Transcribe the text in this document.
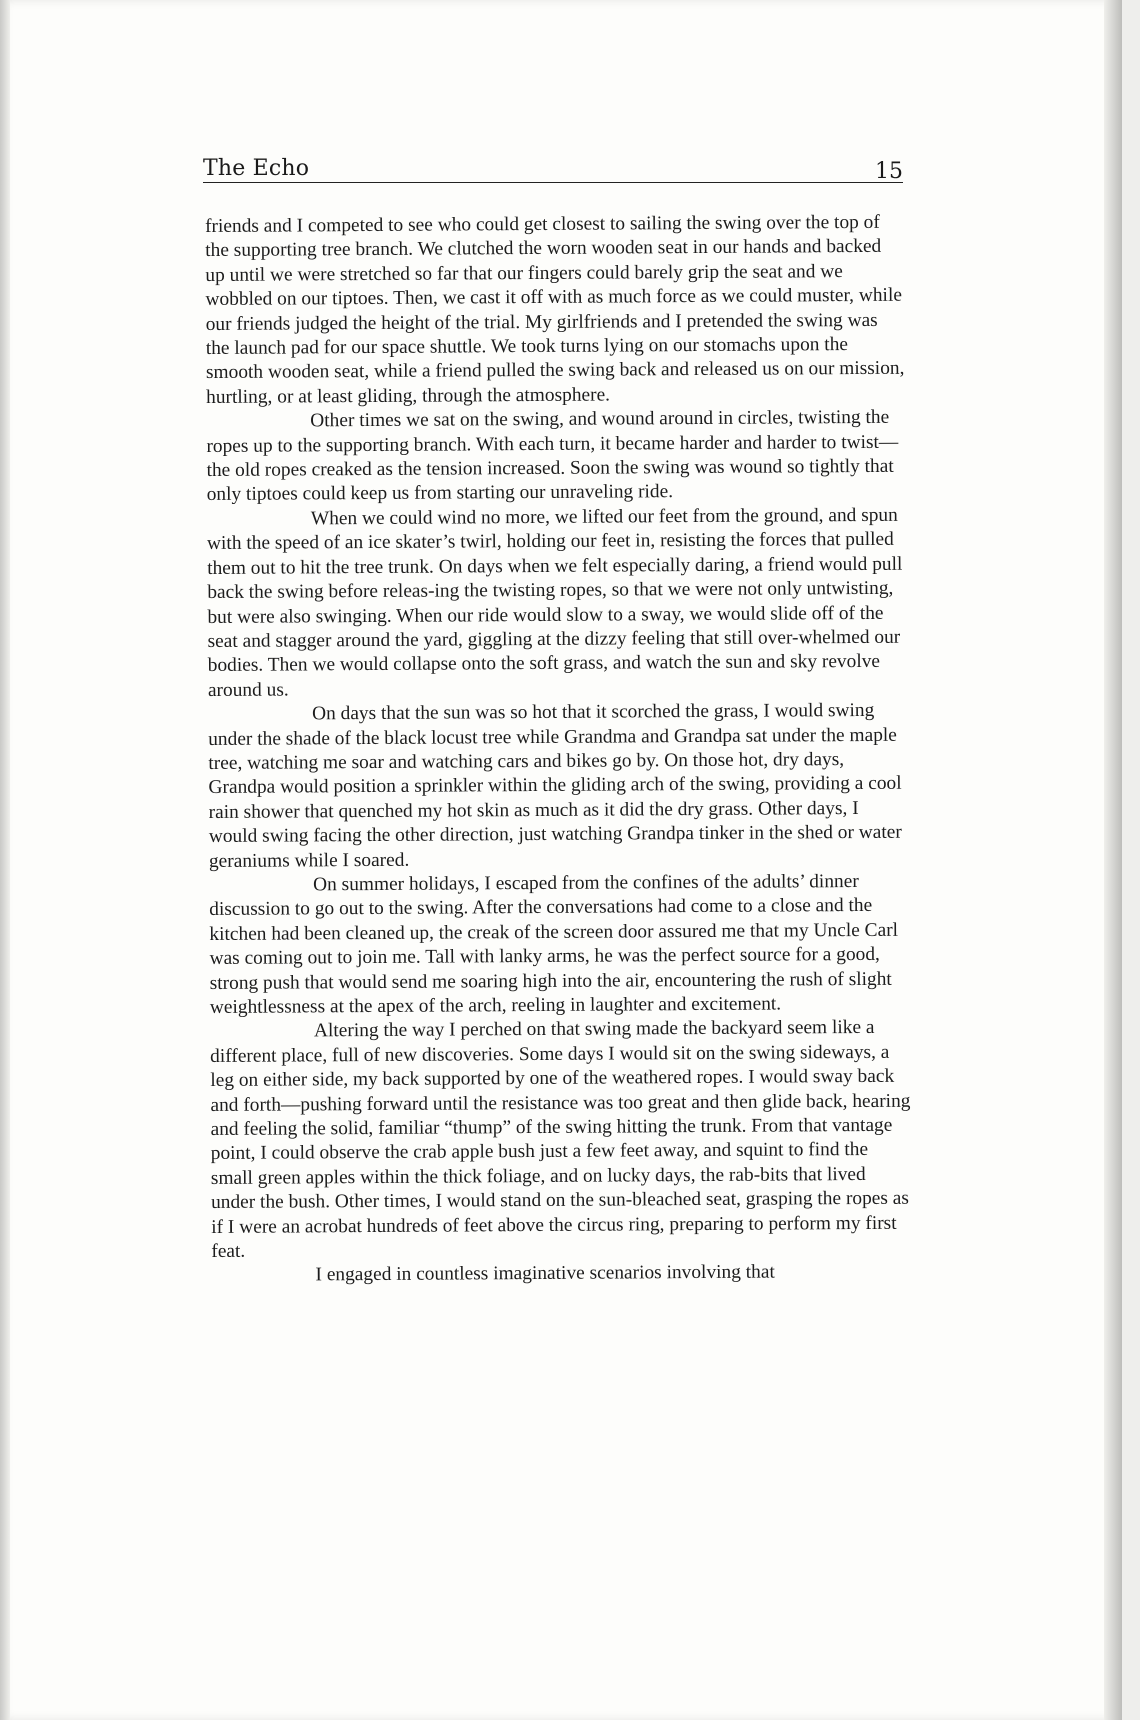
The Echo	15

friends and I competed to see who could get closest to sailing the swing over the top of the supporting tree branch. We clutched the worn wooden seat in our hands and backed up until we were stretched so far that our fingers could barely grip the seat and we wobbled on our tiptoes. Then, we cast it off with as much force as we could muster, while our friends judged the height of the trial. My girlfriends and I pretended the swing was the launch pad for our space shuttle. We took turns lying on our stomachs upon the smooth wooden seat, while a friend pulled the swing back and released us on our mission, hurtling, or at least gliding, through the atmosphere.

Other times we sat on the swing, and wound around in circles, twisting the ropes up to the supporting branch. With each turn, it became harder and harder to twist—the old ropes creaked as the tension increased. Soon the swing was wound so tightly that only tiptoes could keep us from starting our unraveling ride.

When we could wind no more, we lifted our feet from the ground, and spun with the speed of an ice skater’s twirl, holding our feet in, resisting the forces that pulled them out to hit the tree trunk. On days when we felt especially daring, a friend would pull back the swing before releas-ing the twisting ropes, so that we were not only untwisting, but were also swinging. When our ride would slow to a sway, we would slide off of the seat and stagger around the yard, giggling at the dizzy feeling that still over-whelmed our bodies. Then we would collapse onto the soft grass, and watch the sun and sky revolve around us.

On days that the sun was so hot that it scorched the grass, I would swing under the shade of the black locust tree while Grandma and Grandpa sat under the maple tree, watching me soar and watching cars and bikes go by. On those hot, dry days, Grandpa would position a sprinkler within the gliding arch of the swing, providing a cool rain shower that quenched my hot skin as much as it did the dry grass. Other days, I would swing facing the other direction, just watching Grandpa tinker in the shed or water geraniums while I soared.

On summer holidays, I escaped from the confines of the adults’ dinner discussion to go out to the swing. After the conversations had come to a close and the kitchen had been cleaned up, the creak of the screen door assured me that my Uncle Carl was coming out to join me. Tall with lanky arms, he was the perfect source for a good, strong push that would send me soaring high into the air, encountering the rush of slight weightlessness at the apex of the arch, reeling in laughter and excitement.

Altering the way I perched on that swing made the backyard seem like a different place, full of new discoveries. Some days I would sit on the swing sideways, a leg on either side, my back supported by one of the weathered ropes. I would sway back and forth—pushing forward until the resistance was too great and then glide back, hearing and feeling the solid, familiar “thump” of the swing hitting the trunk. From that vantage point, I could observe the crab apple bush just a few feet away, and squint to find the small green apples within the thick foliage, and on lucky days, the rab-bits that lived under the bush. Other times, I would stand on the sun-bleached seat, grasping the ropes as if I were an acrobat hundreds of feet above the circus ring, preparing to perform my first feat.

I engaged in countless imaginative scenarios involving that
